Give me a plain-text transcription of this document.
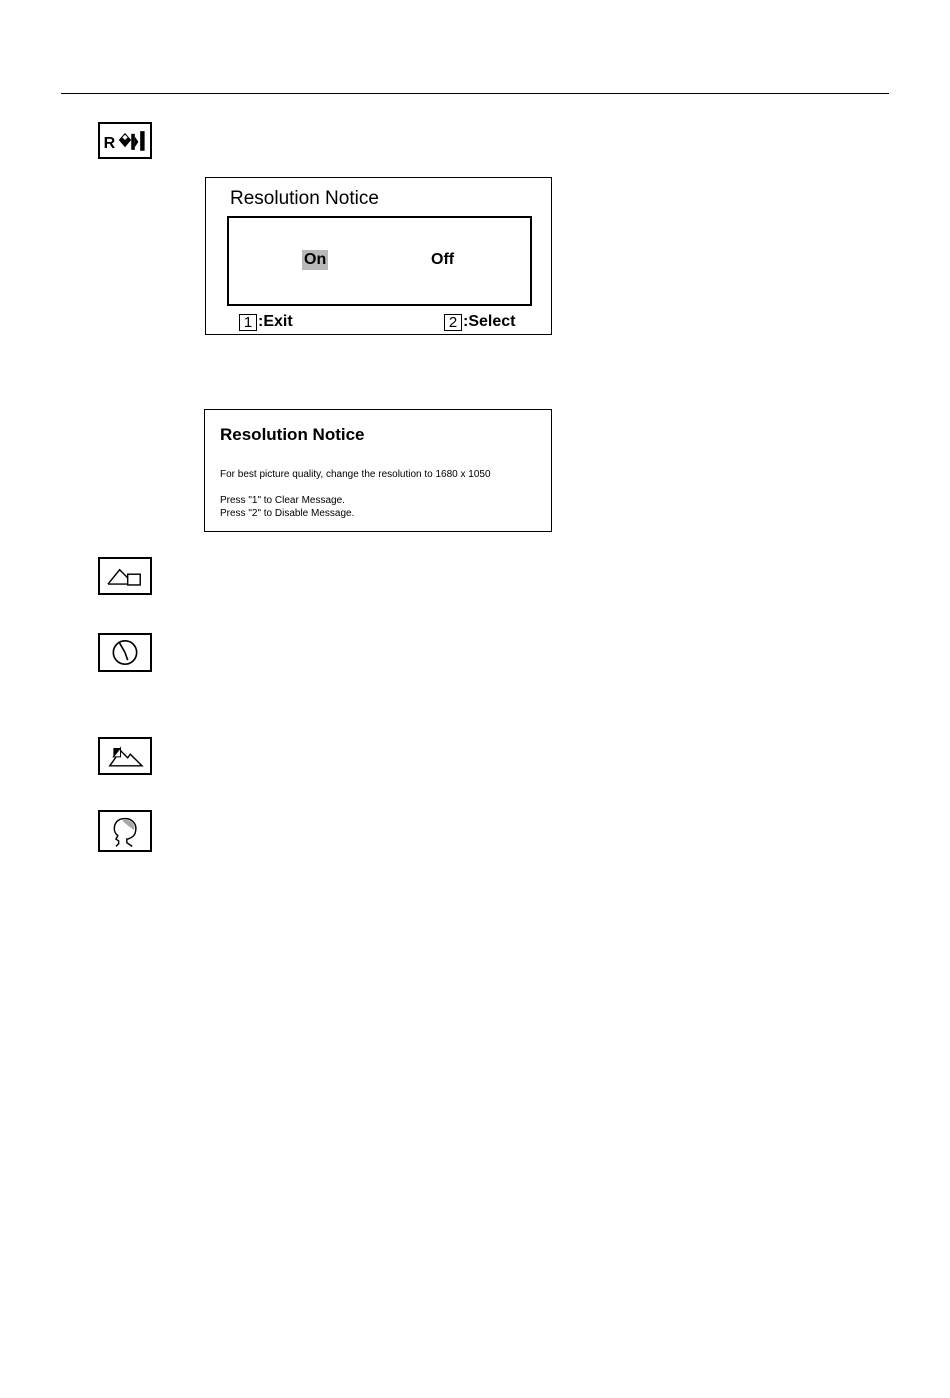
R
Resolution Notice
On	Off
1 :Exit	2 :Select
Resolution Notice
For best picture quality, change the resolution to 1680 x 1050
Press "1" to Clear Message.
Press "2" to Disable Message.
